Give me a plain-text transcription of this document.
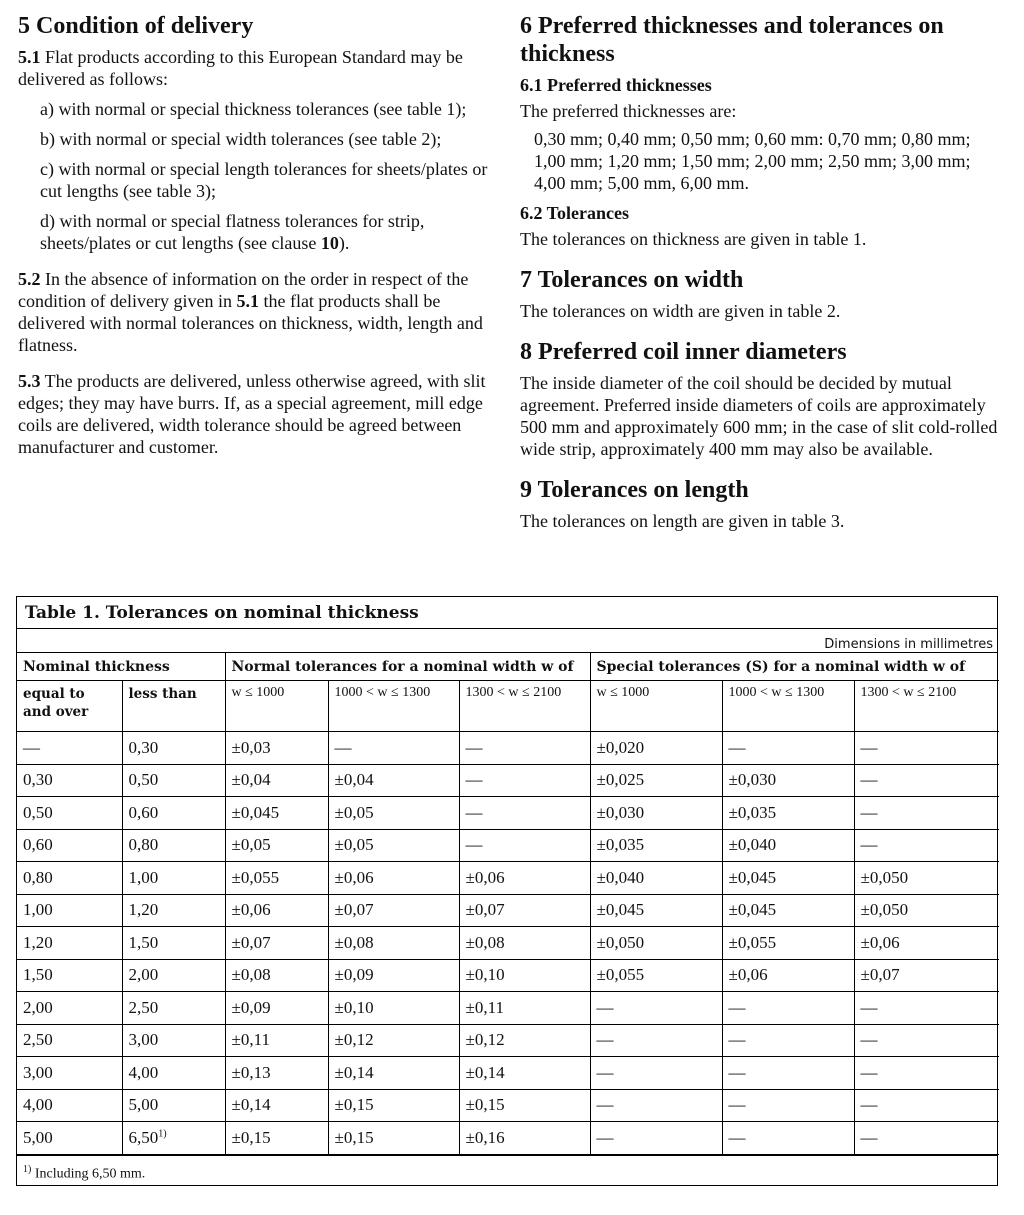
5 Condition of delivery

5.1 Flat products according to this European Standard may be delivered as follows:

a) with normal or special thickness tolerances (see table 1);

b) with normal or special width tolerances (see table 2);

c) with normal or special length tolerances for sheets/plates or cut lengths (see table 3);

d) with normal or special flatness tolerances for strip, sheets/plates or cut lengths (see clause 10).

5.2 In the absence of information on the order in respect of the condition of delivery given in 5.1 the flat products shall be delivered with normal tolerances on thickness, width, length and flatness.

5.3 The products are delivered, unless otherwise agreed, with slit edges; they may have burrs. If, as a special agreement, mill edge coils are delivered, width tolerance should be agreed between manufacturer and customer.

6 Preferred thicknesses and tolerances on thickness
6.1 Preferred thicknesses

The preferred thicknesses are:

0,30 mm; 0,40 mm; 0,50 mm; 0,60 mm: 0,70 mm; 0,80 mm; 1,00 mm; 1,20 mm; 1,50 mm; 2,00 mm; 2,50 mm; 3,00 mm; 4,00 mm; 5,00 mm, 6,00 mm.

6.2 Tolerances

The tolerances on thickness are given in table 1.

7 Tolerances on width

The tolerances on width are given in table 2.

8 Preferred coil inner diameters

The inside diameter of the coil should be decided by mutual agreement. Preferred inside diameters of coils are approximately 500 mm and approximately 600 mm; in the case of slit cold-rolled wide strip, approximately 400 mm may also be available.

9 Tolerances on length

The tolerances on length are given in table 3.

Table 1. Tolerances on nominal thickness
Dimensions in millimetres
Nominal thickness		Normal tolerances for a nominal width w of			Special tolerances (S) for a nominal width w of		
equal to and over	less than	w ≤ 1000	1000 < w ≤ 1300	1300 < w ≤ 2100	w ≤ 1000	1000 < w ≤ 1300	1300 < w ≤ 2100
—	0,30	±0,03	—	—	±0,020	—	—
0,30	0,50	±0,04	±0,04	—	±0,025	±0,030	—
0,50	0,60	±0,045	±0,05	—	±0,030	±0,035	—
0,60	0,80	±0,05	±0,05	—	±0,035	±0,040	—
0,80	1,00	±0,055	±0,06	±0,06	±0,040	±0,045	±0,050
1,00	1,20	±0,06	±0,07	±0,07	±0,045	±0,045	±0,050
1,20	1,50	±0,07	±0,08	±0,08	±0,050	±0,055	±0,06
1,50	2,00	±0,08	±0,09	±0,10	±0,055	±0,06	±0,07
2,00	2,50	±0,09	±0,10	±0,11	—	—	—
2,50	3,00	±0,11	±0,12	±0,12	—	—	—
3,00	4,00	±0,13	±0,14	±0,14	—	—	—
4,00	5,00	±0,14	±0,15	±0,15	—	—	—
5,00	$6,50^{1)}$	±0,15	±0,15	±0,16	—	—	—
$^{1)}$ Including 6,50 mm.
